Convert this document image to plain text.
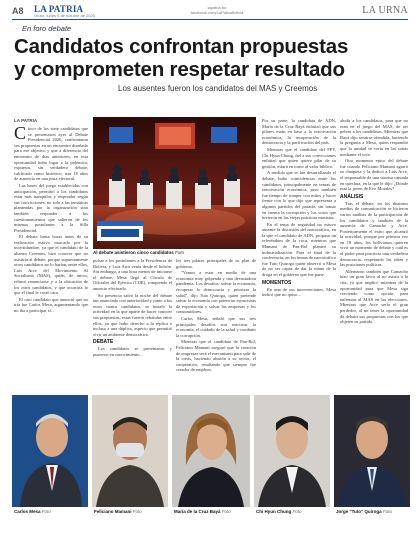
A8 LA PATRIA
Oruro, lunes 5 de octubre de 2020
lapatria.bo
facebook.com/LaPatriaBolivia	LA URNA
En foro debate
Candidatos confrontan propuestas
y comprometen respetar resultado
Los ausentes fueron los candidatos del MAS y Creemos
LA PATRIA
C inco de los siete candidatos que se presentaron ayer al Debate Presidencial 2020, confrontaron sus propuestas en un encuentro diseñado para ese objetivo y que a diferencia del encuentro de días anteriores, en esta oportunidad hubo lugar a la polémica, expuesta, sin verdadero debate, calificado como histórico, tras 18 años de ausencia en una justa electoral.

Las bases del juego establecidas con anticipación, permitió a los candidatos estar más tranquilos y responder según sus convicciones, no solo a las temáticas planteadas por la organización sino también responder a los cuestionamientos que salieron de los mismos postulantes a la Silla Presidencial.

El debate hasta horas antes de su realización estuvo marcado por la incertidumbre, ya que el candidato de la alianza Creemos, hizo conocer que no asistiría al debate, porque supuestamente otros candidatos no lo harían, entre ellos, Luis Arce del Movimiento Al Socialismo (MAS), quién, de inicio, rehusó renunciarse y a la ubicación de los otros candidatos, y que ocurriría lo que el final le costó caro.

El otro candidato que anunció que no iría fue Carlos Mesa, argumentando que no iba a participar si...

Al debate asistieron cinco candidatos Foto

pulsar a los postulantes a la Presidencia de Bolivia, y Luis Arce venía desde el bolsón. Sin embargo, a una hora menos de iniciarse el debate, Mesa llegó al Círculo de Oficiales del Ejército (COE), rompiendo el anuncio efectuado.

Su presencia salvó la noche del debate tan anunciado con anterioridad y junto a los otros cuatro candidatos, se instaló la actividad en la que aparte de hacer conocer sus propuestas, estas fueron rebatidas entre ellos, ya que hubo derecho a la réplica e incluso a una dúplica, aspecto que permitió vivir un ambiente democrático.

DEBATE

Los candidatos se presentaron y pusieron en conocimiento...

los tres pilares principales de su plan de gobierno.

"Vamos a estar en medio de una economía muy golpeada y una devastadora pandemia. Los desafíos: salvar la economía, recuperar la democracia y priorizar la salud", dijo Tuto Quiroga, quien pretende salvar la economía con potenciar estructuras de exportación y salvar las empresas y los consumidores.

Carlos Mesa, señaló que sus tres principales desafíos son reactivar la economía, el cuidado de la salud y combatir la corrupción.

Mientras que el candidato de Pan-Bol, Feliciano Mamani aseguró que la creación de empresas será el mecanismo para salir de la crisis, haciendo alusión a su sector, el cooperativo, resultando que siempre fue creador de empleos.

Por su parte, la candidata de ADN, María de la Cruz Bayá enfatizó que sus pilares están en base a la reactivación económica, la recuperación de la democracia y la pacificación del país.

Mientras que el candidato del FPV, Chi Hyun Chung, fiel a sus convicciones enfatizó que quien quiere pilar de su gestión, estará en torno al valor bíblico.

A medida que se fue desarrollando el debate, hubo coincidencias entre los candidatos, principalmente en temas de reactivación económica, pero también fue tiempo de romper con mitos y hacer frente con lo que dijo que representa a algunos partidos del pasado, sin tomar en cuenta la corrupción y los votos que tuvieron en las viejas prácticas masistas.

En el tema de seguridad no estuvo ausente la discusión del narcotráfico, en la que el candidato de ADN, propuso un referéndum de la coca; mientras que Mamani de Pan-Bol planteó su industrialización. Para el final de la conferencia, en los temas de narcotráfico fue Tuto Quiroga quien observó a Mesa de no ser capaz de dar la mano de la droga en el gobierno que fue parte.

MOMENTOS

En una de sus intervenciones, Mesa indicó que no quiso...

aludir a los candidatos, para que no eran en el juego del MAS, de ser peleas a los candidatos. Mientras que Bayá dijo sentirse ofendida, haciendo la pregunta a Mesa, quien respondió que la unidad se vería en las urnas mediante el voto.

Otro momento epico del debate fue cuando Feliciano Mamani agarró su chaqueta y la dedicó a Luis Arce, el responsable de una sonrisa cantada en quechua, en la que le dijo: ¿Dónde está la joven de Evo Morales?

ANÁLISIS

Tras el debate, en los distintos medios de comunicación se hicieron varios análisis de la participación de los candidatos y también de la ausencia de Camacho y Arce. Posteriormente el éxito que alcanzó la actividad, porque por primera vez en 18 años, los bolivianos quieren vivir un momento de debate y cuál es el poder para practicar una verdadera democracia, respetando las ideas y las posiciones políticas.

Alternaron también que Camacho hizo un gran favor al no asistir a la cita, ya que implicó mientras de la oportunidad para que Mesa siga creciendo como opción para enfrentar al MAS en las elecciones. Mientras que Arce sería el gran perdedor, al no tener la oportunidad de debatir sus propuestas con los que objeten su partido.

Carlos Mesa Foto	Feliciano Mamani Foto	María de la Cruz Bayá Foto	Chi Hyun Chung Foto	Jorge "Tuto" Quiroga Foto
